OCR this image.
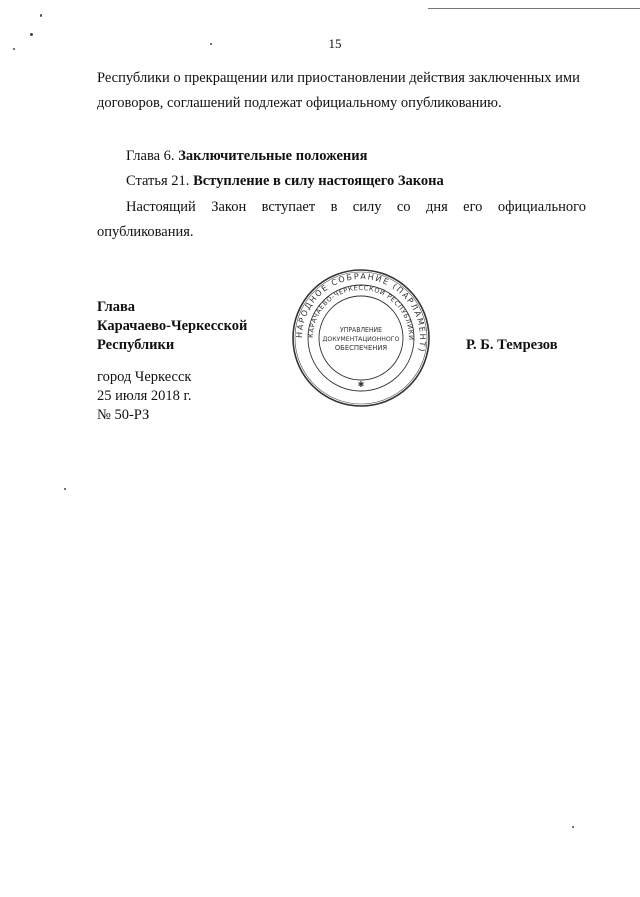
15
Республики о прекращении или приостановлении действия заключенных ими
договоров, соглашений подлежат официальному опубликованию.
Глава 6. Заключительные положения
Статья 21. Вступление в силу настоящего Закона
Настоящий Закон вступает в силу со дня его официального
опубликования.
Глава
Карачаево-Черкесской
Республики	Р. Б. Темрезов
город Черкесск
25 июля 2018 г.
№ 50-РЗ
НАРОДНОЕ СОБРАНИЕ (ПАРЛАМЕНТ)
КАРАЧАЕВО-ЧЕРКЕССКОЙ РЕСПУБЛИКИ
УПРАВЛЕНИЕ
ДОКУМЕНТАЦИОННОГО
ОБЕСПЕЧЕНИЯ
✱
